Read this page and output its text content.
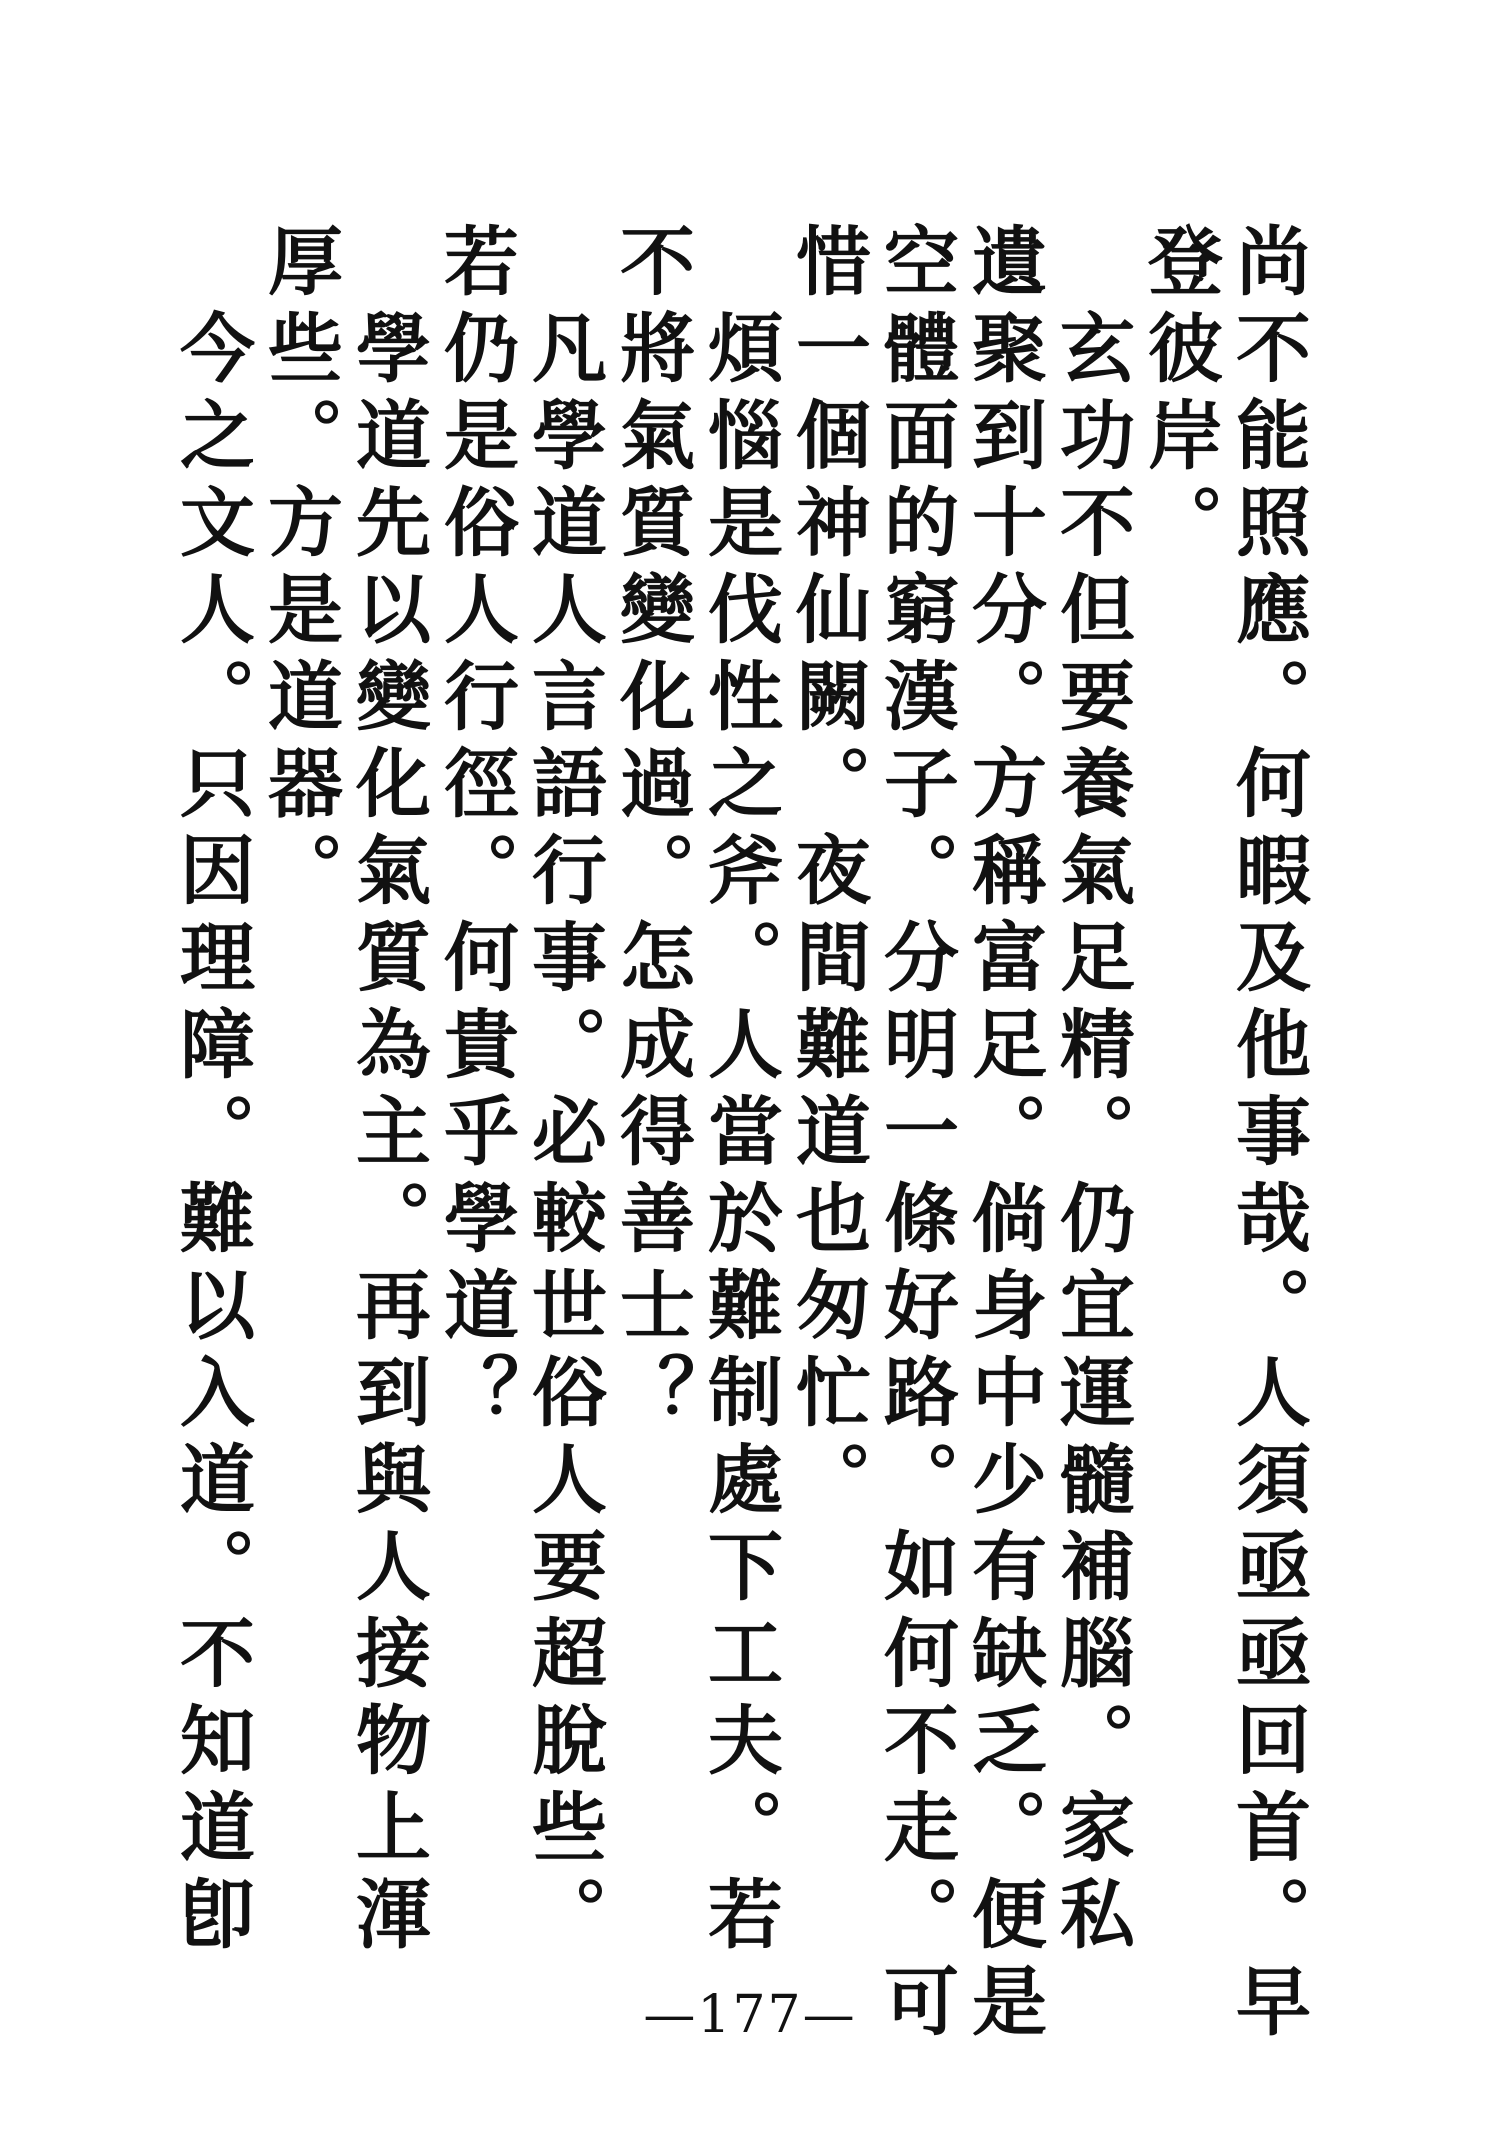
尚不能照應。何暇及他事哉。人須亟亟回首。早
登彼岸。
玄功不但要養氣足精。仍宜運髓補腦。家私
遺聚到十分。方稱富足。倘身中少有缺乏。便是
空體面的窮漢子。分明一條好路。如何不走。可
惜一個神仙闕。夜間難道也匆忙。
煩惱是伐性之斧。人當於難制處下工夫。若
不將氣質變化過。怎成得善士？
凡學道人言語行事。必較世俗人要超脫些。
若仍是俗人行徑。何貴乎學道？
學道先以變化氣質為主。再到與人接物上渾
厚些。方是道器。
今之文人。只因理障。難以入道。不知道卽
—177—
